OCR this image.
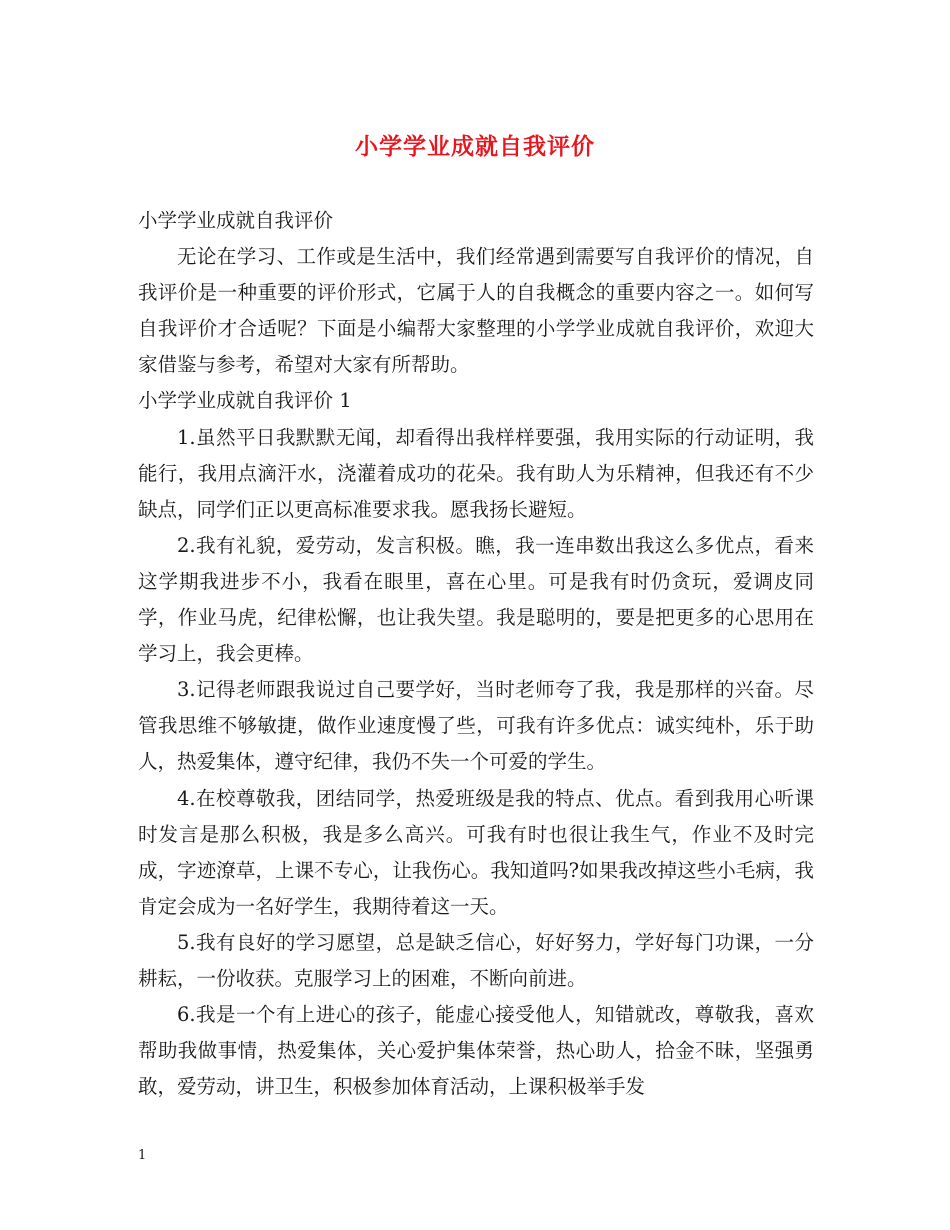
小学学业成就自我评价

小学学业成就自我评价

无论在学习、工作或是生活中，我们经常遇到需要写自我评价的情况，自我评价是一种重要的评价形式，它属于人的自我概念的重要内容之一。如何写自我评价才合适呢？下面是小编帮大家整理的小学学业成就自我评价，欢迎大家借鉴与参考，希望对大家有所帮助。

小学学业成就自我评价 1

1.虽然平日我默默无闻，却看得出我样样要强，我用实际的行动证明，我能行，我用点滴汗水，浇灌着成功的花朵。我有助人为乐精神，但我还有不少缺点，同学们正以更高标准要求我。愿我扬长避短。

2.我有礼貌，爱劳动，发言积极。瞧，我一连串数出我这么多优点，看来这学期我进步不小，我看在眼里，喜在心里。可是我有时仍贪玩，爱调皮同学，作业马虎，纪律松懈，也让我失望。我是聪明的，要是把更多的心思用在学习上，我会更棒。

3.记得老师跟我说过自己要学好，当时老师夸了我，我是那样的兴奋。尽管我思维不够敏捷，做作业速度慢了些，可我有许多优点：诚实纯朴，乐于助人，热爱集体，遵守纪律，我仍不失一个可爱的学生。

4.在校尊敬我，团结同学，热爱班级是我的特点、优点。看到我用心听课时发言是那么积极，我是多么高兴。可我有时也很让我生气，作业不及时完成，字迹潦草，上课不专心，让我伤心。我知道吗?如果我改掉这些小毛病，我肯定会成为一名好学生，我期待着这一天。

5.我有良好的学习愿望，总是缺乏信心，好好努力，学好每门功课，一分耕耘，一份收获。克服学习上的困难，不断向前进。

6.我是一个有上进心的孩子，能虚心接受他人，知错就改，尊敬我，喜欢帮助我做事情，热爱集体，关心爱护集体荣誉，热心助人，拾金不昧，坚强勇敢，爱劳动，讲卫生，积极参加体育活动，上课积极举手发

1
